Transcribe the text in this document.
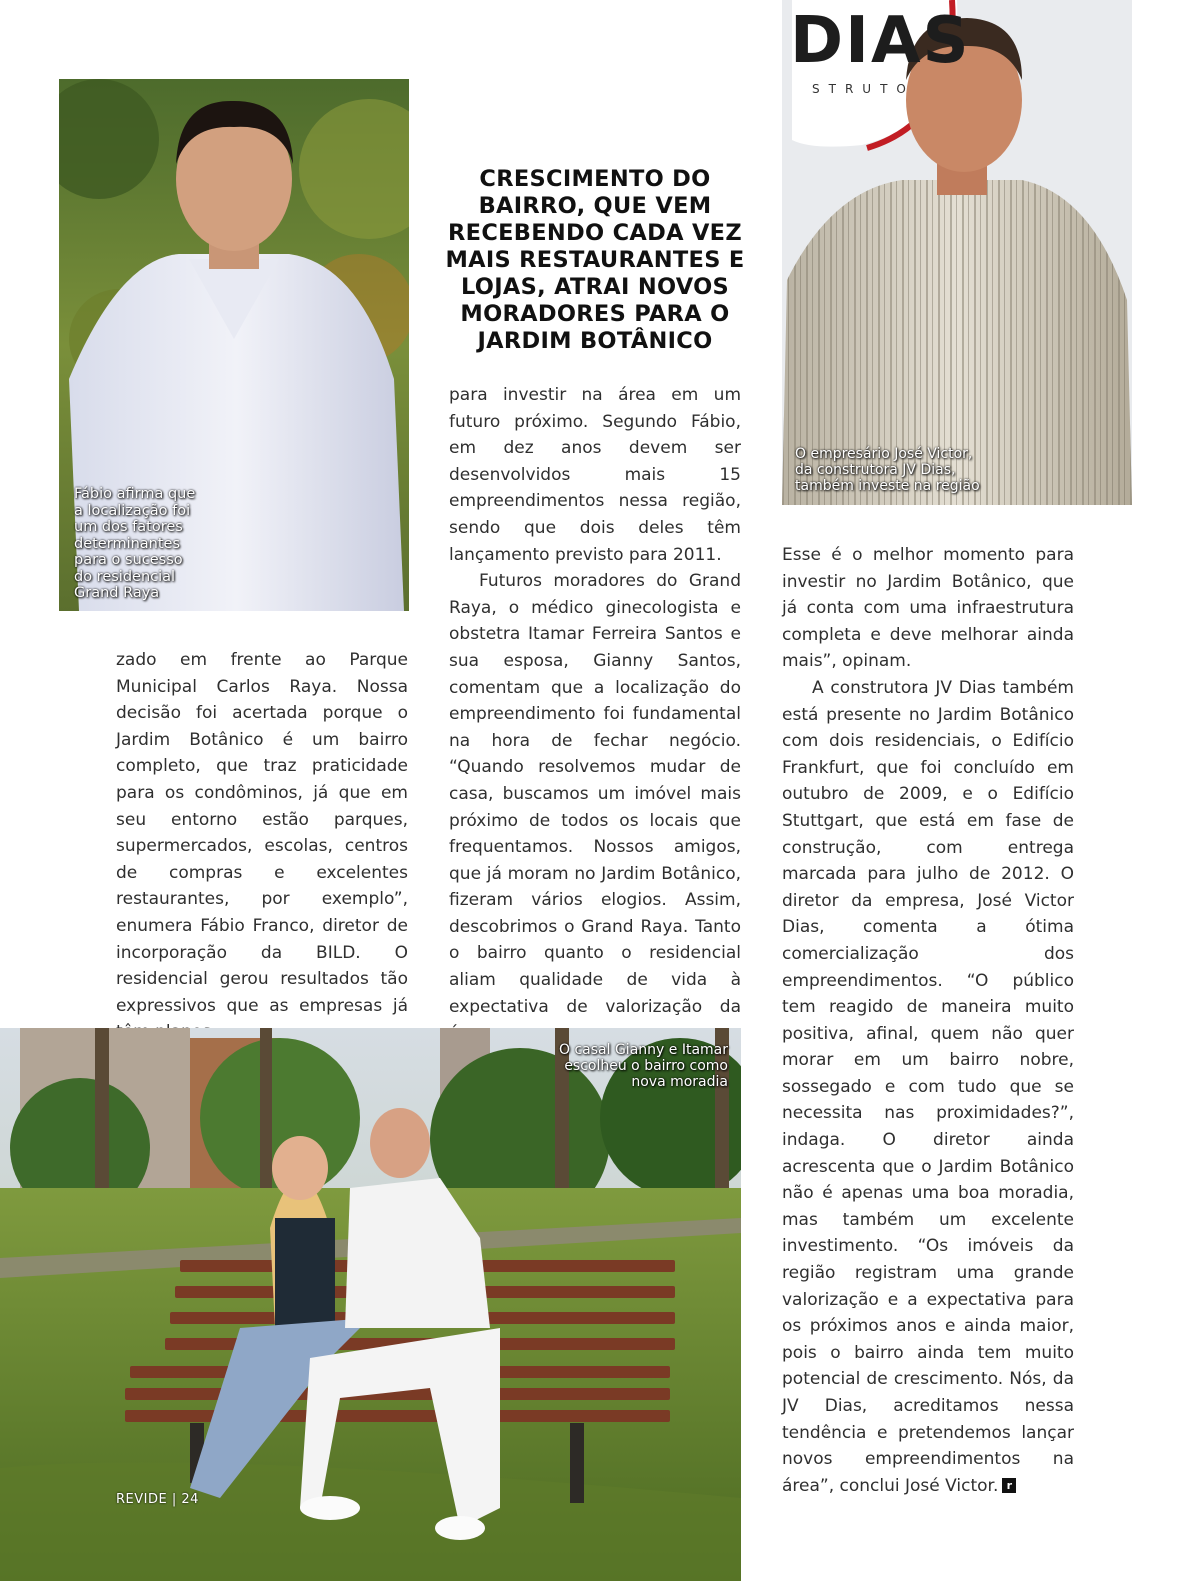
Fábio afirma que
a localização foi
um dos fatores
determinantes
para o sucesso
do residencial
Grand Raya
DIAS
STRUTO
O empresário José Victor,
da construtora JV Dias,
também investe na região
CRESCIMENTO DO BAIRRO, QUE VEM RECEBENDO CADA VEZ MAIS RESTAURANTES E LOJAS, ATRAI NOVOS MORADORES PARA O JARDIM BOTÂNICO

zado em frente ao Parque Municipal Carlos Raya. Nossa decisão foi acertada porque o Jardim Botânico é um bairro completo, que traz praticidade para os condôminos, já que em seu entorno estão parques, supermercados, escolas, centros de compras e excelentes restaurantes, por exemplo”, enumera Fábio Franco, diretor de incorporação da BILD. O residencial gerou resultados tão expressivos que as empresas já

para investir na área em um futuro próximo. Segundo Fábio, em dez anos devem ser desenvolvidos mais 15 empreendimentos nessa região, sendo que dois deles têm lançamento previsto para 2011.

Futuros moradores do Grand Raya, o médico ginecologista e obstetra Itamar Ferreira Santos e sua esposa, Gianny Santos, comentam que a localização do empreendimento foi fundamental na hora de fechar negócio. “Quando resolvemos mudar de casa, buscamos um imóvel mais próximo de todos os locais que frequentamos. Nossos amigos, que já moram no Jardim Botânico, fizeram vários elogios. Assim, descobrimos o Grand Raya. Tanto o bairro quanto o residencial aliam qualidade de vida à expectativa de valorização da

Esse é o melhor momento para investir no Jardim Botânico, que já conta com uma infraestrutura completa e deve melhorar ainda mais”, opinam.

A construtora JV Dias também está presente no Jardim Botânico com dois residenciais, o Edifício Frankfurt, que foi concluído em outubro de 2009, e o Edifício Stuttgart, que está em fase de construção, com entrega marcada para julho de 2012. O diretor da empresa, José Victor Dias, comenta a ótima comercialização dos empreendimentos. “O público tem reagido de maneira muito positiva, afinal, quem não quer morar em um bairro nobre, sossegado e com tudo que se necessita nas proximidades?”, indaga. O diretor ainda acrescenta que o Jardim Botânico não é apenas uma boa moradia, mas também um excelente investimento. “Os imóveis da região registram uma grande valorização e a expectativa para os próximos anos e ainda maior, pois o bairro ainda tem muito potencial de crescimento. Nós, da JV Dias, acreditamos nessa tendência e pretendemos lançar novos empreendimentos na área”, conclui José Victor. r

O casal Gianny e Itamar
escolheu o bairro como
nova moradia
REVIDE | 24
